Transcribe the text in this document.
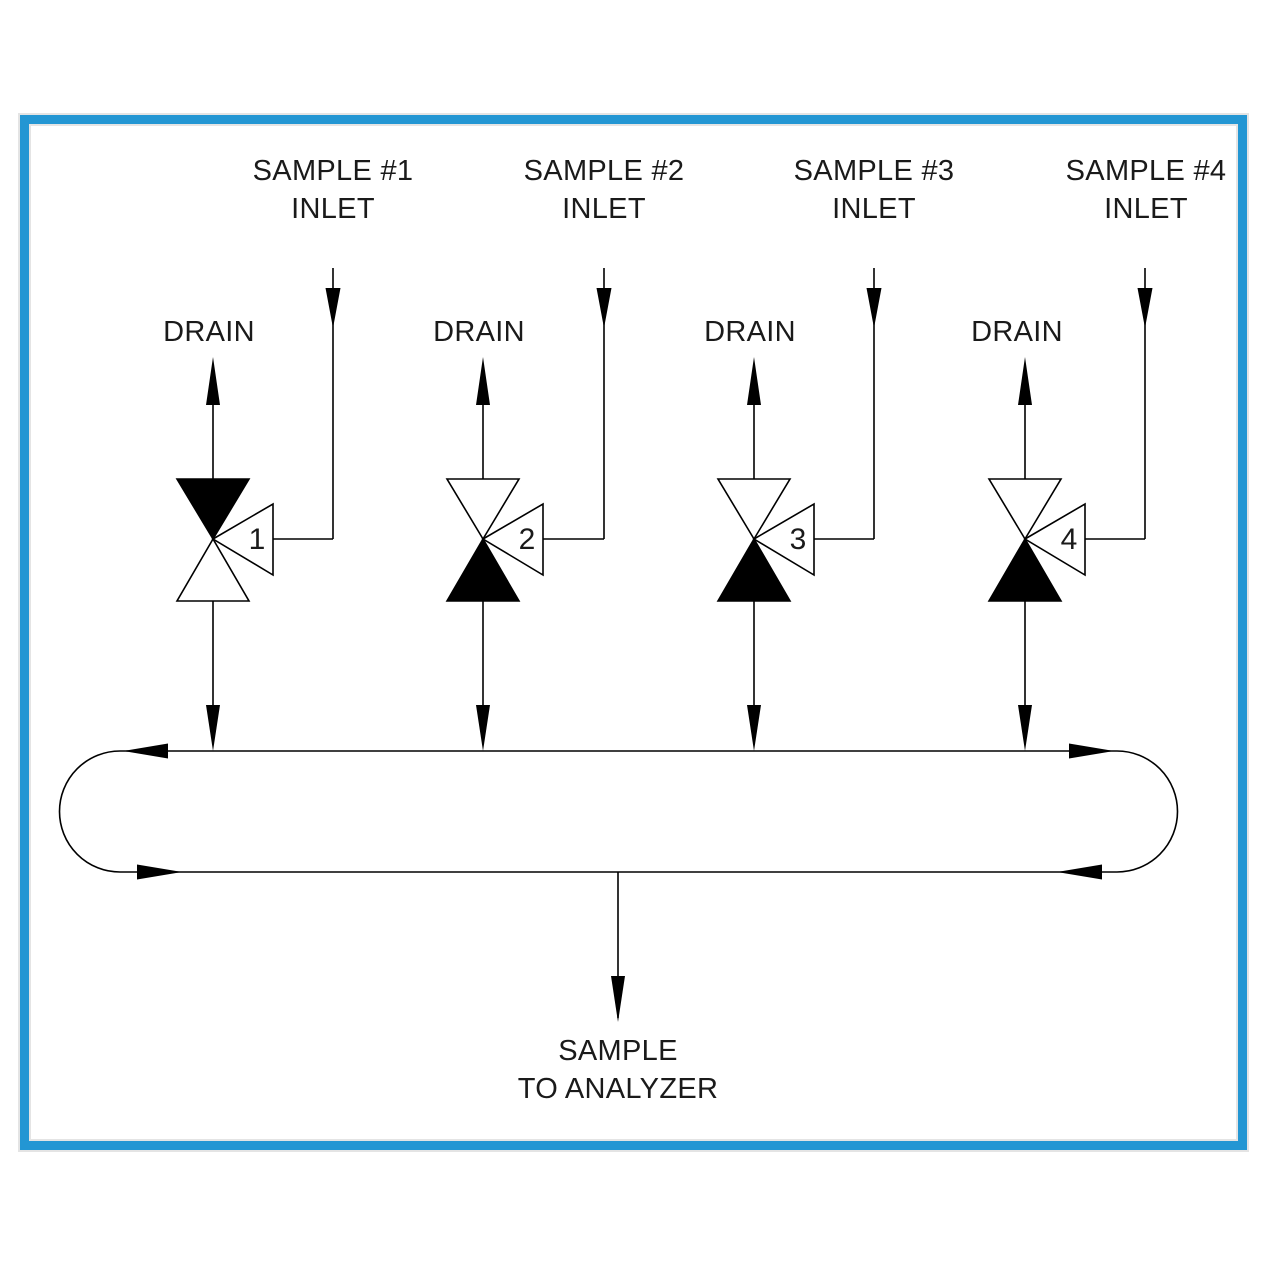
SAMPLE #1
INLET
DRAIN
1
SAMPLE #2
INLET
DRAIN
2
SAMPLE #3
INLET
DRAIN
3
SAMPLE #4
INLET
DRAIN
4
SAMPLE
TO ANALYZER
